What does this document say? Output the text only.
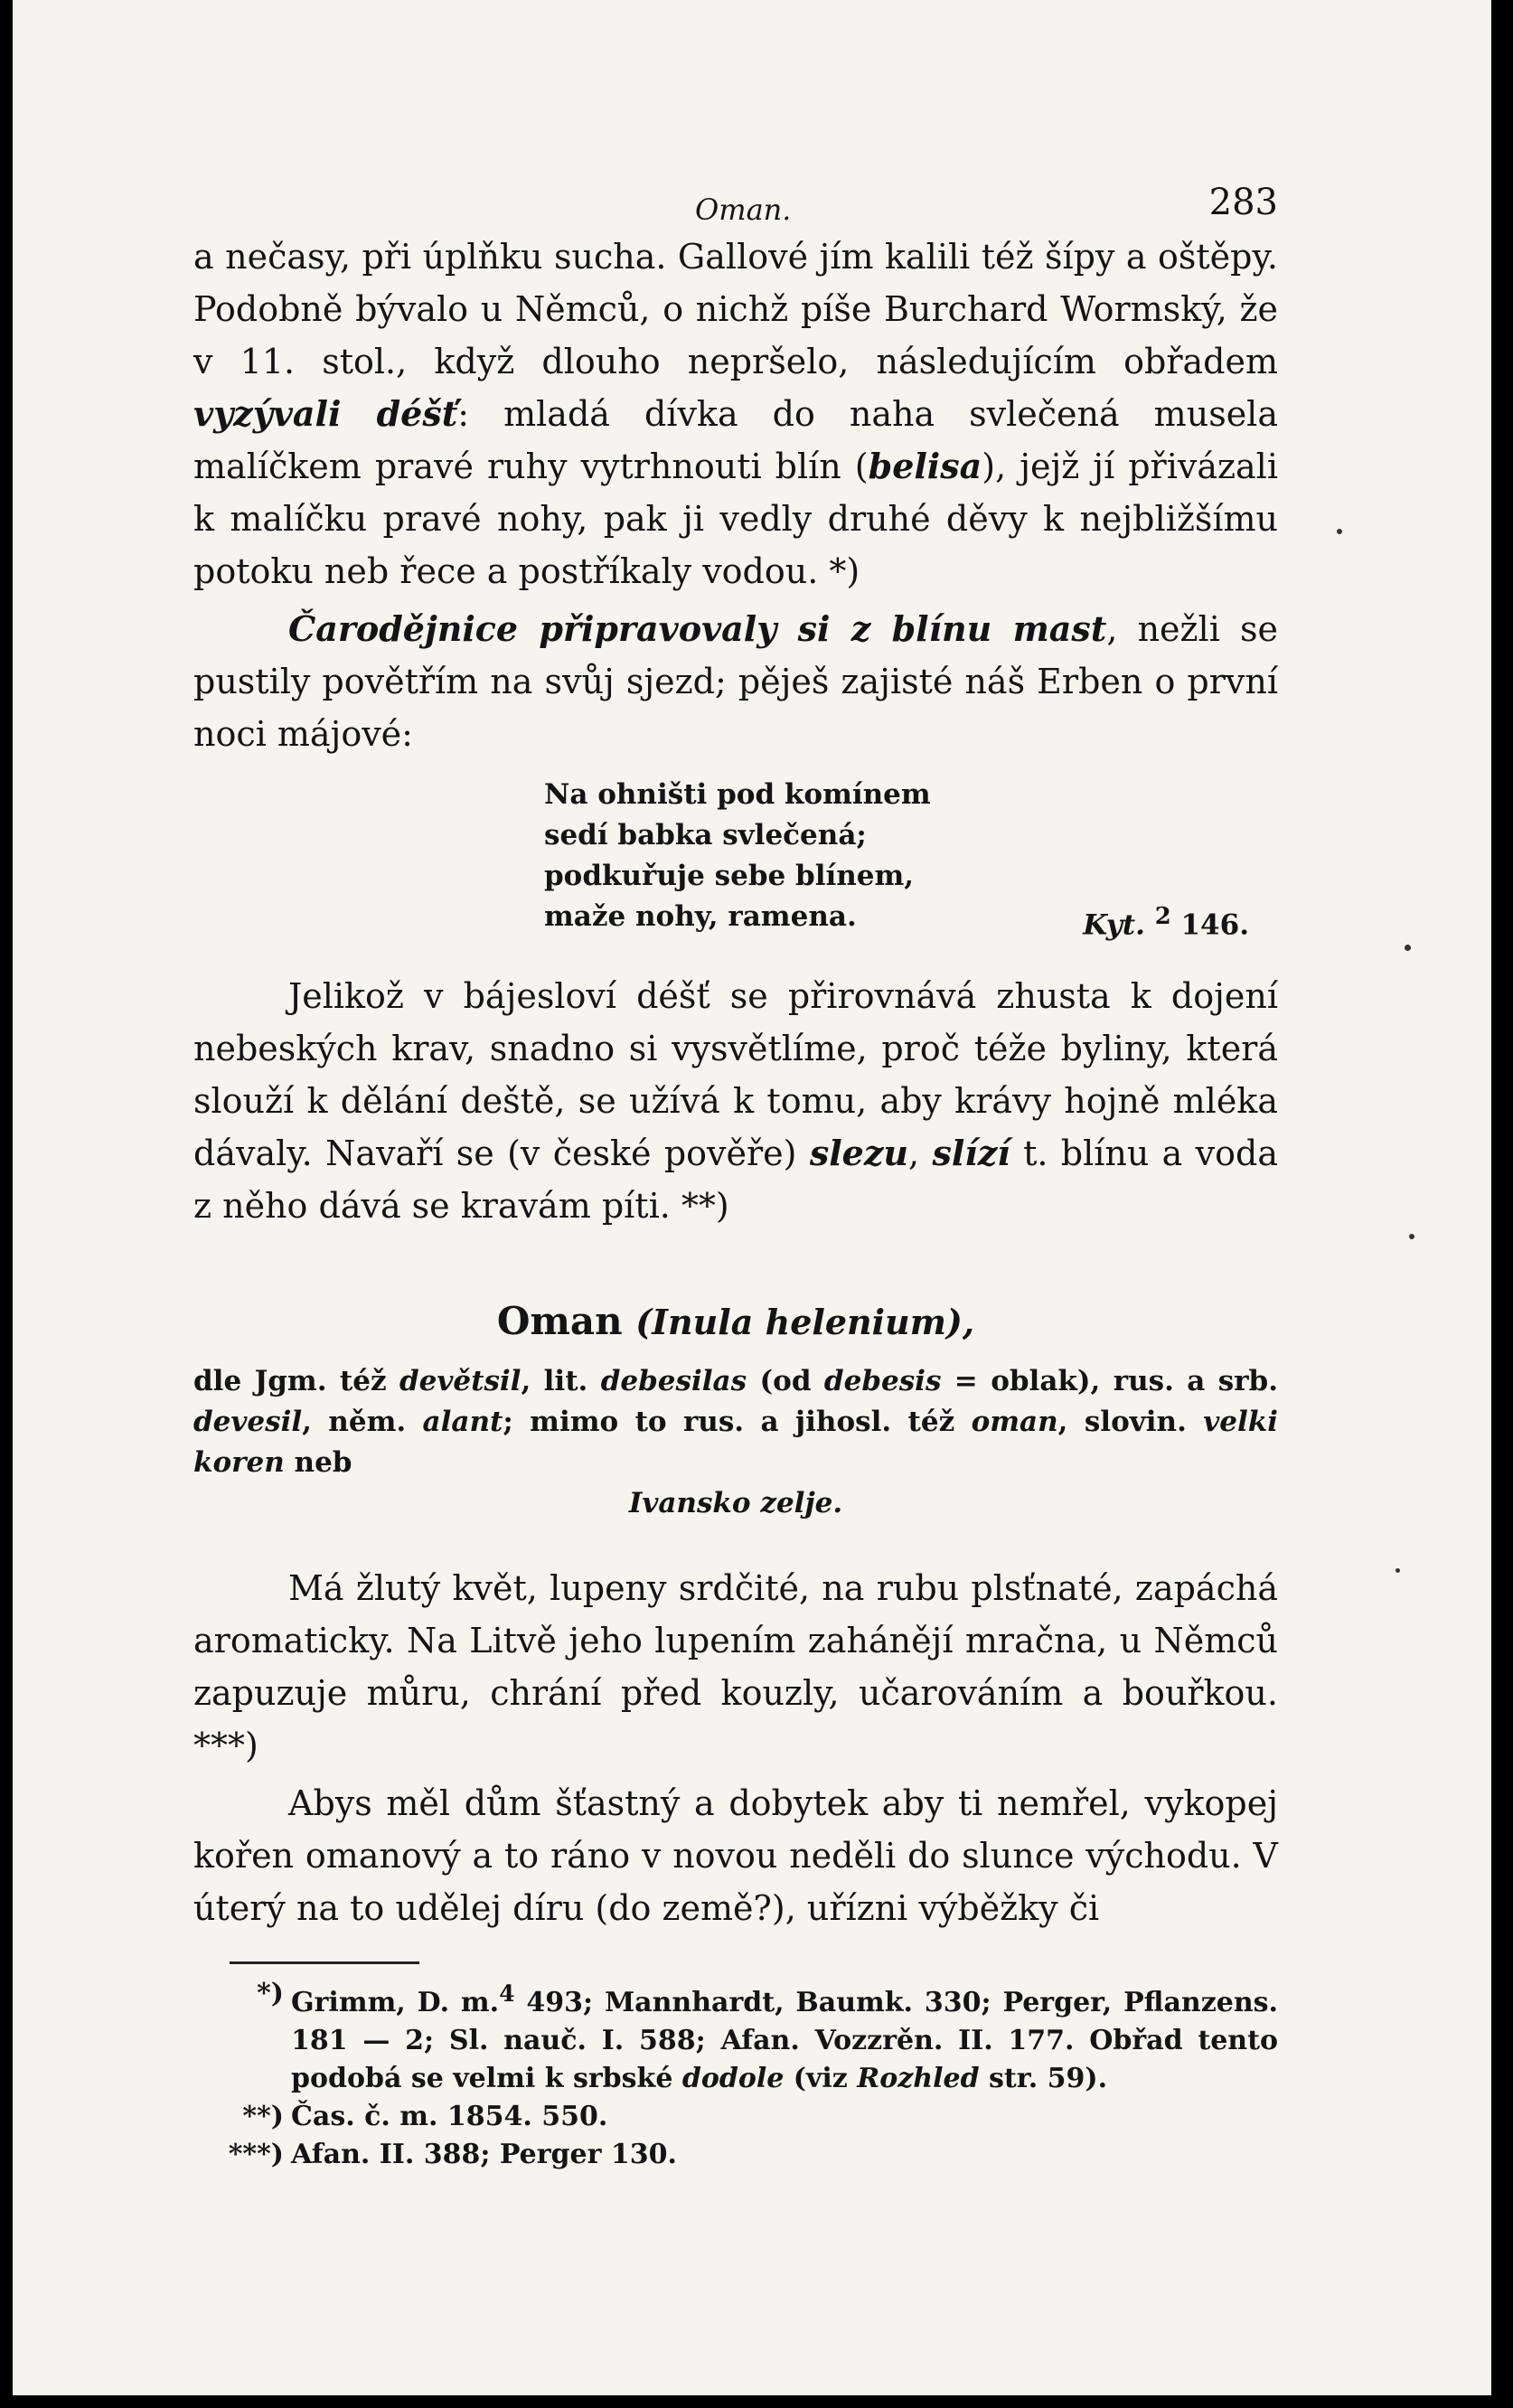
Oman.	283

a nečasy, při úplňku sucha. Gallové jím kalili též šípy a oštěpy. Podobně bývalo u Němců, o nichž píše Burchard Wormský, že v 11. stol., když dlouho nepršelo, následujícím obřadem vyzývali déšť: mladá dívka do naha svlečená musela malíčkem pravé ruhy vytrhnouti blín (belisa), jejž jí přivázali k malíčku pravé nohy, pak ji vedly druhé děvy k nejbližšímu potoku neb řece a postříkaly vodou. *)

Čarodějnice připravovaly si z blínu mast, nežli se pustily povětřím na svůj sjezd; pěješ zajisté náš Erben o první noci májové:

Na ohništi pod komínem
sedí babka svlečená;
podkuřuje sebe blínem,
maže nohy, ramena.	Kyt. $^2$ 146.

Jelikož v bájesloví déšť se přirovnává zhusta k dojení nebeských krav, snadno si vysvětlíme, proč téže byliny, která slouží k dělání deště, se užívá k tomu, aby krávy hojně mléka dávaly. Navaří se (v české pověře) slezu, slízí t. blínu a voda z něho dává se kravám píti. **)

Oman (Inula helenium),

dle Jgm. též devětsil, lit. debesilas (od debesis = oblak), rus. a srb. devesil, něm. alant; mimo to rus. a jihosl. též oman, slovin. velki koren neb

Ivansko zelje.

Má žlutý květ, lupeny srdčité, na rubu plsťnaté, zapáchá aromaticky. Na Litvě jeho lupením zahánějí mračna, u Němců zapuzuje můru, chrání před kouzly, učarováním a bouřkou. ***)

Abys měl dům šťastný a dobytek aby ti nemřel, vykopej kořen omanový a to ráno v novou neděli do slunce východu. V úterý na to udělej díru (do země?), uřízni výběžky či

*) Grimm, D. m.$^4$ 493; Mannhardt, Baumk. 330; Perger, Pflanzens. 181 — 2; Sl. nauč. I. 588; Afan. Vozzrěn. II. 177. Obřad tento podobá se velmi k srbské dodole (viz Rozhled str. 59).
**) Čas. č. m. 1854. 550.
***) Afan. II. 388; Perger 130.
